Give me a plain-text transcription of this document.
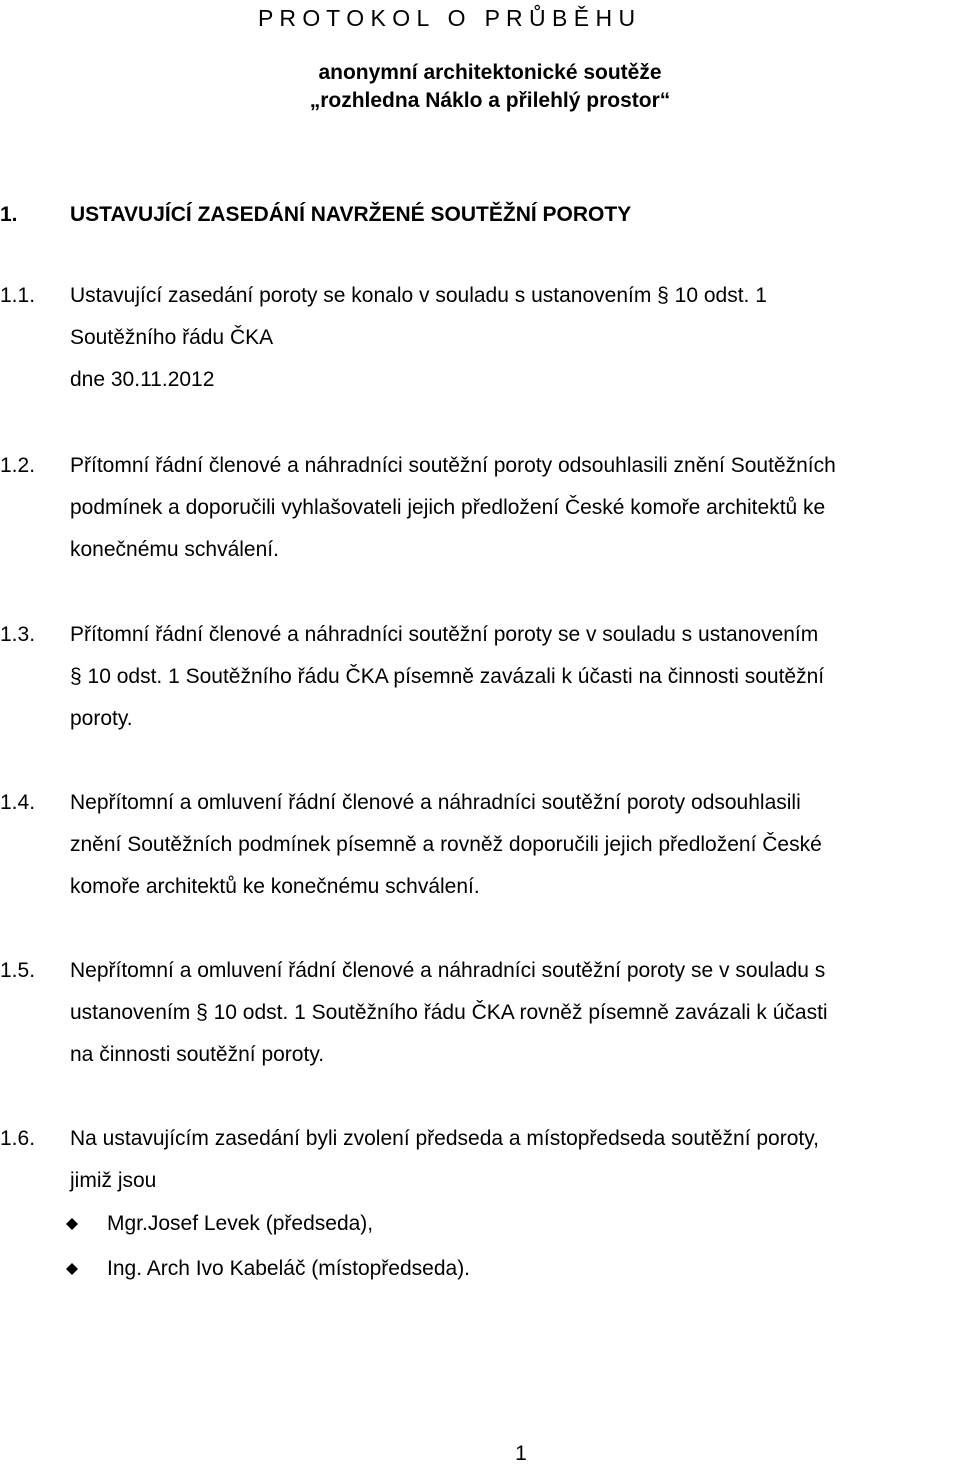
P R O T O K O L   O   P R Ů B Ě H U
anonymní architektonické soutěže
„rozhledna Náklo a přilehlý prostor“
1. USTAVUJÍCÍ ZASEDÁNÍ NAVRŽENÉ SOUTĚŽNÍ POROTY
1.1. Ustavující zasedání poroty se konalo v souladu s ustanovením § 10 odst. 1
Soutěžního řádu ČKA
dne 30.11.2012
1.2. Přítomní řádní členové a náhradníci soutěžní poroty odsouhlasili znění Soutěžních
podmínek a doporučili vyhlašovateli jejich předložení České komoře architektů ke
konečnému schválení.
1.3. Přítomní řádní členové a náhradníci soutěžní poroty se v souladu s ustanovením
§ 10 odst. 1 Soutěžního řádu ČKA písemně zavázali k účasti na činnosti soutěžní
poroty.
1.4. Nepřítomní a omluvení řádní členové a náhradníci soutěžní poroty odsouhlasili
znění Soutěžních podmínek písemně a rovněž doporučili jejich předložení České
komoře architektů ke konečnému schválení.
1.5. Nepřítomní a omluvení řádní členové a náhradníci soutěžní poroty se v souladu s
ustanovením § 10 odst. 1 Soutěžního řádu ČKA rovněž písemně zavázali k účasti
na činnosti soutěžní poroty.
1.6. Na ustavujícím zasedání byli zvolení předseda a místopředseda soutěžní poroty,
jimiž jsou
Mgr.Josef Levek (předseda),
Ing. Arch Ivo Kabeláč (místopředseda).
1
